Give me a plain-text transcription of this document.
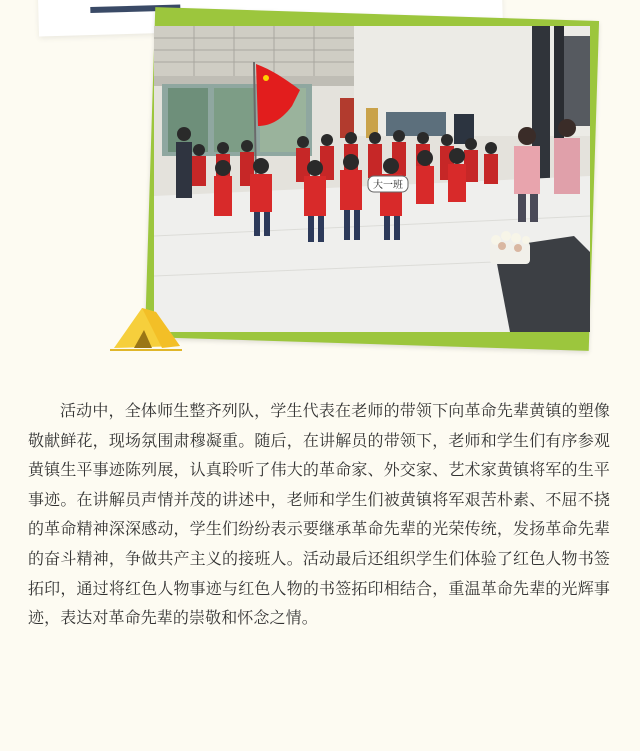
大一班

活动中，全体师生整齐列队，学生代表在老师的带领下向革命先辈黄镇的塑像敬献鲜花，现场氛围肃穆凝重。随后，在讲解员的带领下，老师和学生们有序参观黄镇生平事迹陈列展，认真聆听了伟大的革命家、外交家、艺术家黄镇将军的生平事迹。在讲解员声情并茂的讲述中，老师和学生们被黄镇将军艰苦朴素、不屈不挠的革命精神深深感动，学生们纷纷表示要继承革命先辈的光荣传统，发扬革命先辈的奋斗精神，争做共产主义的接班人。活动最后还组织学生们体验了红色人物书签拓印，通过将红色人物事迹与红色人物的书签拓印相结合，重温革命先辈的光辉事迹，表达对革命先辈的崇敬和怀念之情。
